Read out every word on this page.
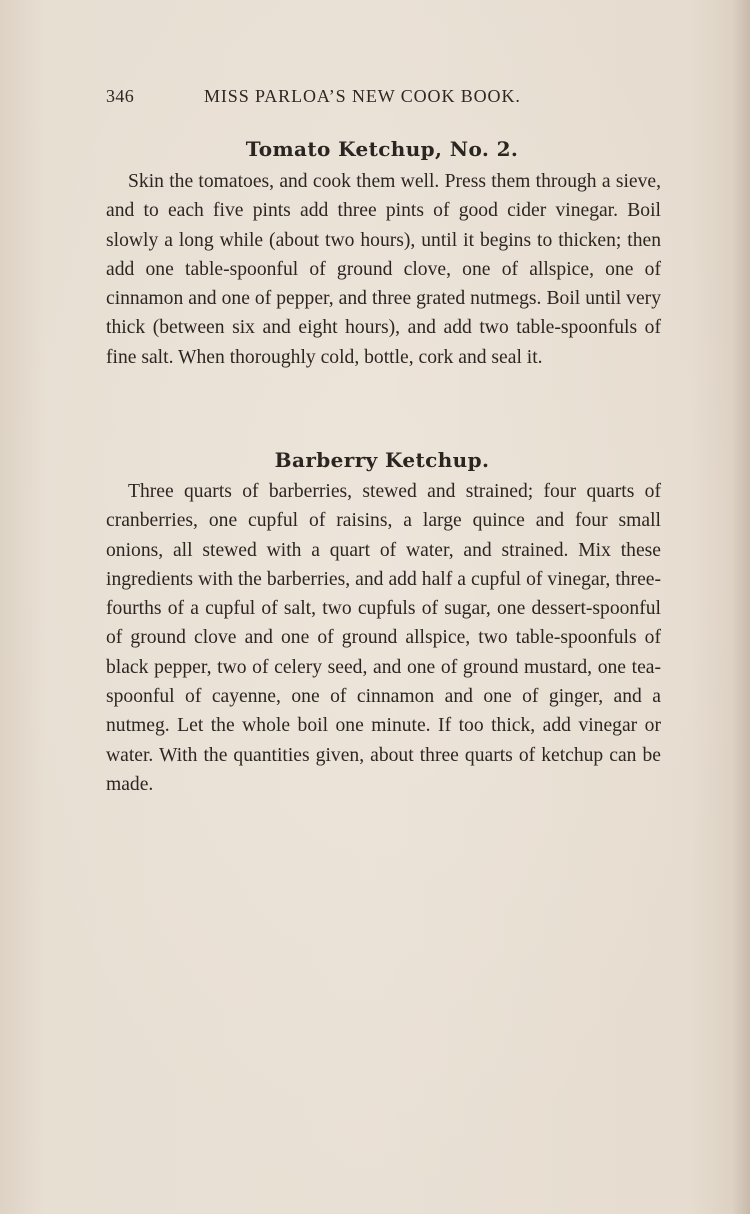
346	MISS PARLOA’S NEW COOK BOOK.
Tomato Ketchup, No. 2.

Skin the tomatoes, and cook them well. Press them through a sieve, and to each five pints add three pints of good cider vinegar. Boil slowly a long while (about two hours), until it begins to thicken; then add one table-spoonful of ground clove, one of allspice, one of cinnamon and one of pepper, and three grated nutmegs. Boil until very thick (between six and eight hours), and add two table-spoonfuls of fine salt. When thoroughly cold, bottle, cork and seal it.

Barberry Ketchup.

Three quarts of barberries, stewed and strained; four quarts of cranberries, one cupful of raisins, a large quince and four small onions, all stewed with a quart of water, and strained. Mix these ingredients with the barberries, and add half a cupful of vinegar, three-fourths of a cupful of salt, two cupfuls of sugar, one dessert-spoonful of ground clove and one of ground allspice, two table-spoonfuls of black pepper, two of celery seed, and one of ground mustard, one tea-spoonful of cayenne, one of cinnamon and one of ginger, and a nutmeg. Let the whole boil one minute. If too thick, add vinegar or water. With the quantities given, about three quarts of ketchup can be made.
